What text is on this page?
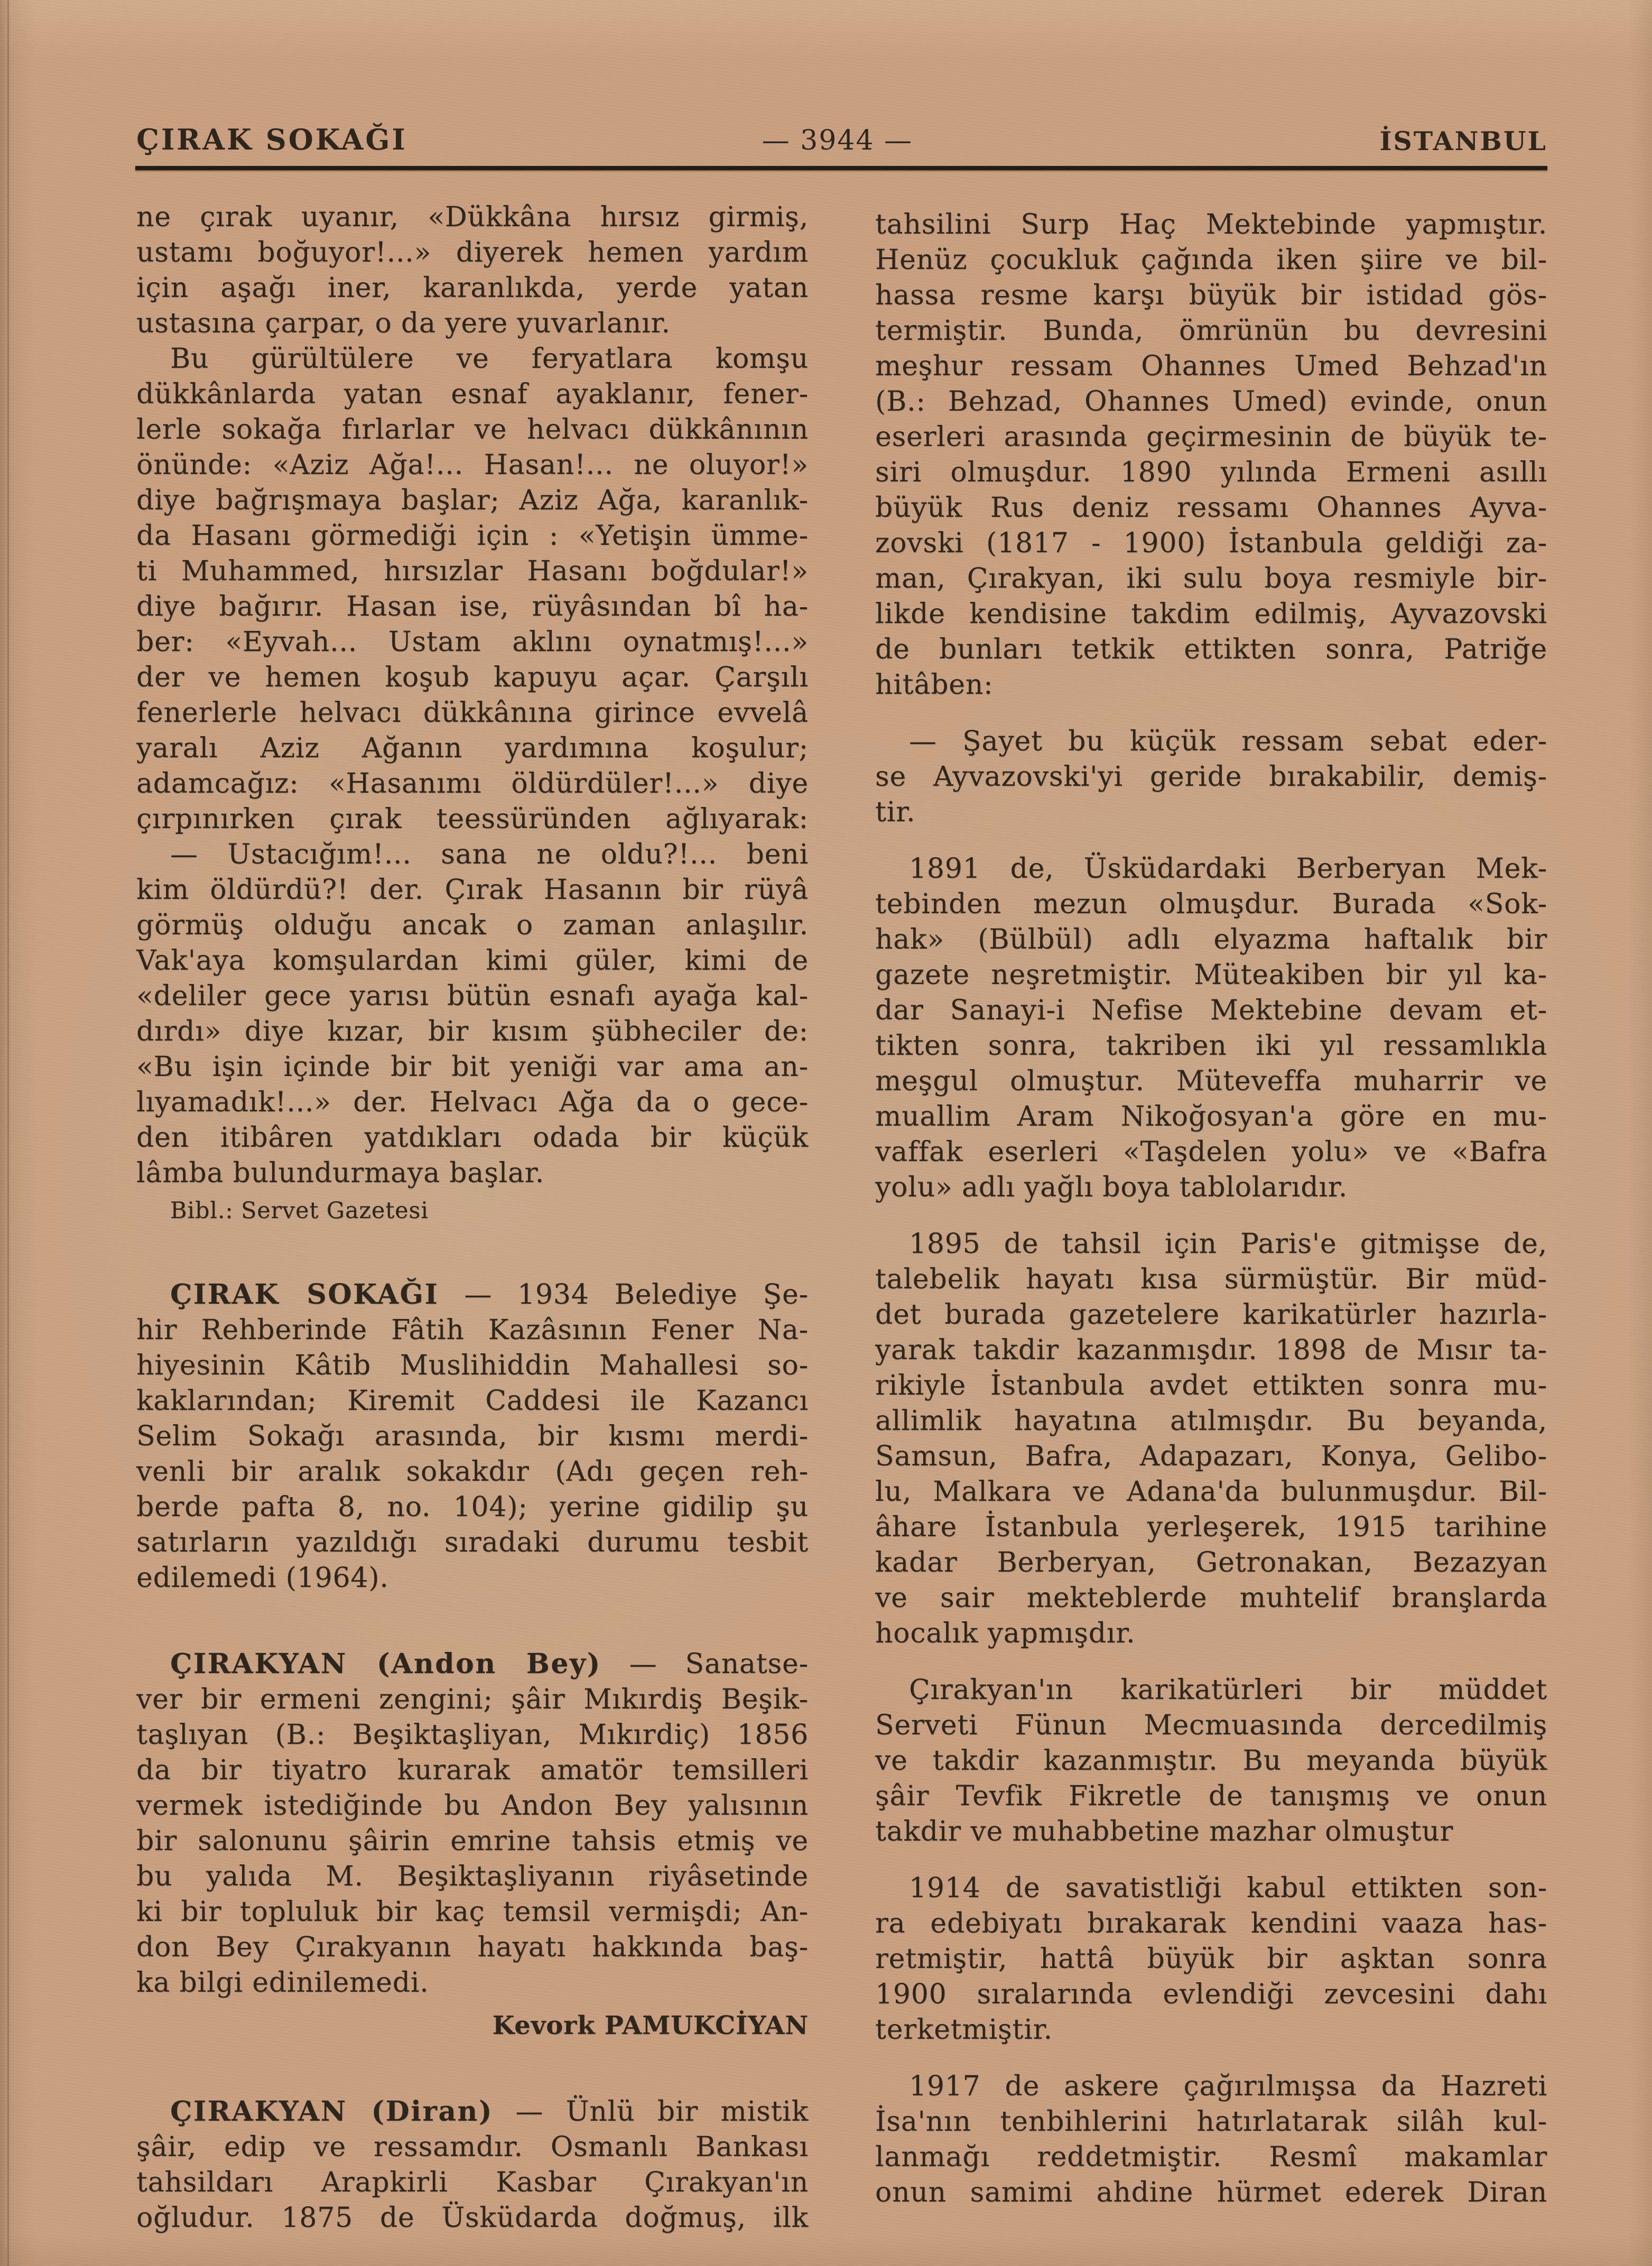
ÇIRAK SOKAĞI	— 3944 —	İSTANBUL
ne çırak uyanır, «Dükkâna hırsız girmiş,
ustamı boğuyor!...» diyerek hemen yardım
için aşağı iner, karanlıkda, yerde yatan
ustasına çarpar, o da yere yuvarlanır.
Bu gürültülere ve feryatlara komşu
dükkânlarda yatan esnaf ayaklanır, fener-
lerle sokağa fırlarlar ve helvacı dükkânının
önünde: «Aziz Ağa!... Hasan!... ne oluyor!»
diye bağrışmaya başlar; Aziz Ağa, karanlık-
da Hasanı görmediği için : «Yetişin ümme-
ti Muhammed, hırsızlar Hasanı boğdular!»
diye bağırır. Hasan ise, rüyâsından bî ha-
ber: «Eyvah... Ustam aklını oynatmış!...»
der ve hemen koşub kapuyu açar. Çarşılı
fenerlerle helvacı dükkânına girince evvelâ
yaralı Aziz Ağanın yardımına koşulur;
adamcağız: «Hasanımı öldürdüler!...» diye
çırpınırken çırak teessüründen ağlıyarak:
— Ustacığım!... sana ne oldu?!... beni
kim öldürdü?! der. Çırak Hasanın bir rüyâ
görmüş olduğu ancak o zaman anlaşılır.
Vak'aya komşulardan kimi güler, kimi de
«deliler gece yarısı bütün esnafı ayağa kal-
dırdı» diye kızar, bir kısım şübheciler de:
«Bu işin içinde bir bit yeniği var ama an-
lıyamadık!...» der. Helvacı Ağa da o gece-
den itibâren yatdıkları odada bir küçük
lâmba bulundurmaya başlar.
Bibl.: Servet Gazetesi
ÇIRAK SOKAĞI — 1934 Belediye Şe-
hir Rehberinde Fâtih Kazâsının Fener Na-
hiyesinin Kâtib Muslihiddin Mahallesi so-
kaklarından; Kiremit Caddesi ile Kazancı
Selim Sokağı arasında, bir kısmı merdi-
venli bir aralık sokakdır (Adı geçen reh-
berde pafta 8, no. 104); yerine gidilip şu
satırların yazıldığı sıradaki durumu tesbit
edilemedi (1964).
ÇIRAKYAN (Andon Bey) — Sanatse-
ver bir ermeni zengini; şâir Mıkırdiş Beşik-
taşlıyan (B.: Beşiktaşliyan, Mıkırdiç) 1856
da bir tiyatro kurarak amatör temsilleri
vermek istediğinde bu Andon Bey yalısının
bir salonunu şâirin emrine tahsis etmiş ve
bu yalıda M. Beşiktaşliyanın riyâsetinde
ki bir topluluk bir kaç temsil vermişdi; An-
don Bey Çırakyanın hayatı hakkında baş-
ka bilgi edinilemedi.
Kevork PAMUKCİYAN
ÇIRAKYAN (Diran) — Ünlü bir mistik
şâir, edip ve ressamdır. Osmanlı Bankası
tahsildarı Arapkirli Kasbar Çırakyan'ın
oğludur. 1875 de Üsküdarda doğmuş, ilk
tahsilini Surp Haç Mektebinde yapmıştır.
Henüz çocukluk çağında iken şiire ve bil-
hassa resme karşı büyük bir istidad gös-
termiştir. Bunda, ömrünün bu devresini
meşhur ressam Ohannes Umed Behzad'ın
(B.: Behzad, Ohannes Umed) evinde, onun
eserleri arasında geçirmesinin de büyük te-
siri olmuşdur. 1890 yılında Ermeni asıllı
büyük Rus deniz ressamı Ohannes Ayva-
zovski (1817 - 1900) İstanbula geldiği za-
man, Çırakyan, iki sulu boya resmiyle bir-
likde kendisine takdim edilmiş, Ayvazovski
de bunları tetkik ettikten sonra, Patriğe
hitâben:
— Şayet bu küçük ressam sebat eder-
se Ayvazovski'yi geride bırakabilir, demiş-
tir.
1891 de, Üsküdardaki Berberyan Mek-
tebinden mezun olmuşdur. Burada «Sok-
hak» (Bülbül) adlı elyazma haftalık bir
gazete neşretmiştir. Müteakiben bir yıl ka-
dar Sanayi-i Nefise Mektebine devam et-
tikten sonra, takriben iki yıl ressamlıkla
meşgul olmuştur. Müteveffa muharrir ve
muallim Aram Nikoğosyan'a göre en mu-
vaffak eserleri «Taşdelen yolu» ve «Bafra
yolu» adlı yağlı boya tablolarıdır.
1895 de tahsil için Paris'e gitmişse de,
talebelik hayatı kısa sürmüştür. Bir müd-
det burada gazetelere karikatürler hazırla-
yarak takdir kazanmışdır. 1898 de Mısır ta-
rikiyle İstanbula avdet ettikten sonra mu-
allimlik hayatına atılmışdır. Bu beyanda,
Samsun, Bafra, Adapazarı, Konya, Gelibo-
lu, Malkara ve Adana'da bulunmuşdur. Bil-
âhare İstanbula yerleşerek, 1915 tarihine
kadar Berberyan, Getronakan, Bezazyan
ve sair mekteblerde muhtelif branşlarda
hocalık yapmışdır.
Çırakyan'ın karikatürleri bir müddet
Serveti Fünun Mecmuasında dercedilmiş
ve takdir kazanmıştır. Bu meyanda büyük
şâir Tevfik Fikretle de tanışmış ve onun
takdir ve muhabbetine mazhar olmuştur
1914 de savatistliği kabul ettikten son-
ra edebiyatı bırakarak kendini vaaza has-
retmiştir, hattâ büyük bir aşktan sonra
1900 sıralarında evlendiği zevcesini dahı
terketmiştir.
1917 de askere çağırılmışsa da Hazreti
İsa'nın tenbihlerini hatırlatarak silâh kul-
lanmağı reddetmiştir. Resmî makamlar
onun samimi ahdine hürmet ederek Diran
